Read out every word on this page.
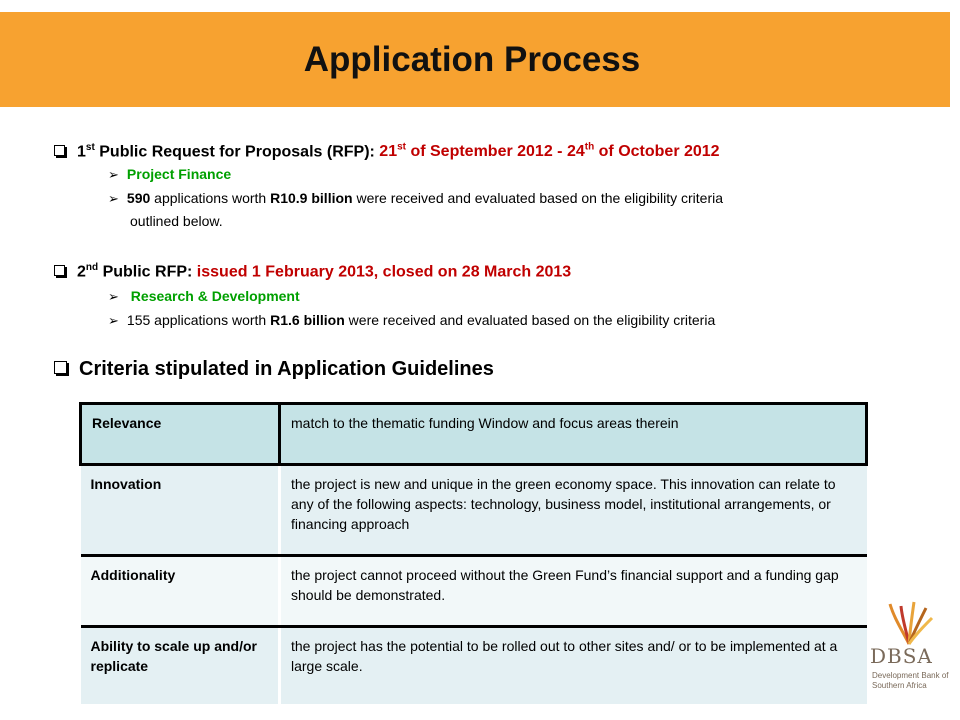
Application Process
1st Public Request for Proposals (RFP): 21st of September 2012 - 24th of October 2012
➢ Project Finance
➢ 590 applications worth R10.9 billion were received and evaluated based on the eligibility criteria
outlined below.
2nd Public RFP: issued 1 February 2013, closed on 28 March 2013
➢ Research & Development
➢ 155 applications worth R1.6 billion were received and evaluated based on the eligibility criteria
Criteria stipulated in Application Guidelines
Relevance	match to the thematic funding Window and focus areas therein
Innovation	the project is new and unique in the green economy space. This innovation can relate to any of the following aspects: technology, business model, institutional arrangements, or financing approach
Additionality	the project cannot proceed without the Green Fund’s financial support and a funding gap should be demonstrated.
Ability to scale up and/or replicate	the project has the potential to be rolled out to other sites and/ or to be implemented at a large scale.	DBSA
Development Bank of Southern Africa
